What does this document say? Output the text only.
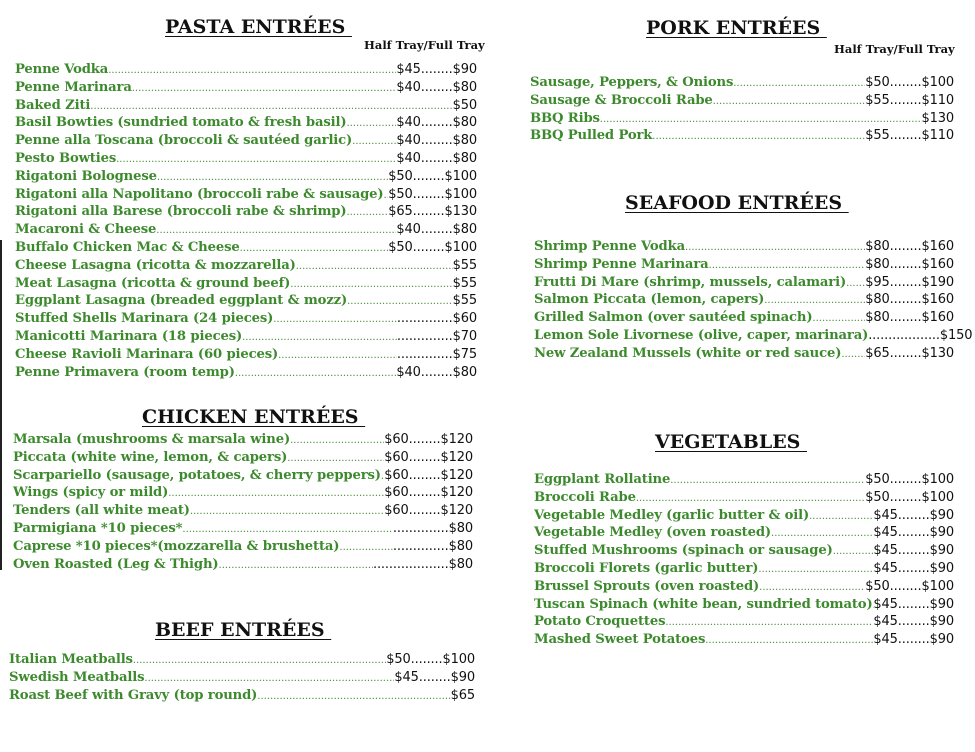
PASTA ENTRÉES
Half Tray/Full Tray
Penne Vodka .....	$45........$90
Penne Marinara .....	$40........$80
Baked Ziti .....	$50
Basil Bowties (sundried tomato & fresh basil) .....	$40........$80
Penne alla Toscana (broccoli & sautéed garlic) .....	$40........$80
Pesto Bowties .....	$40........$80
Rigatoni Bolognese .....	$50........$100
Rigatoni alla Napolitano (broccoli rabe & sausage) ..... $50........$100
Rigatoni alla Barese (broccoli rabe & shrimp) .....	$65........$130
Macaroni & Cheese .....	$40........$80
Buffalo Chicken Mac & Cheese .....	$50........$100
Cheese Lasagna (ricotta & mozzarella) .....	$55
Meat Lasagna (ricotta & ground beef) .....	$55
Eggplant Lasagna (breaded eggplant & mozz) .....	$55
Stuffed Shells Marinara (24 pieces) .....	..............$60
Manicotti Marinara (18 pieces) .....	..............$70
Cheese Ravioli Marinara (60 pieces) .....	..............$75
Penne Primavera (room temp) .....	$40........$80
CHICKEN ENTRÉES
Marsala (mushrooms & marsala wine) .....	$60........$120
Piccata (white wine, lemon, & capers) .....	$60........$120
Scarpariello (sausage, potatoes, & cherry peppers) ..... $60........$120
Wings (spicy or mild) .....	$60........$120
Tenders (all white meat) .....	$60........$120
Parmigiana *10 pieces* .....	..............$80
Caprese *10 pieces*(mozzarella & brushetta) .....	..............$80
Oven Roasted (Leg & Thigh) .....	...................$80
BEEF ENTRÉES
Italian Meatballs .....	$50........$100
Swedish Meatballs .....	$45........$90
Roast Beef with Gravy (top round) .....	$65
PORK ENTRÉES
Half Tray/Full Tray
Sausage, Peppers, & Onions .....	$50........$100
Sausage & Broccoli Rabe .....	$55........$110
BBQ Ribs .....	$130
BBQ Pulled Pork .....	$55........$110
SEAFOOD ENTRÉES
Shrimp Penne Vodka .....	$80........$160
Shrimp Penne Marinara .....	$80........$160
Frutti Di Mare (shrimp, mussels, calamari) ..... $95........$190
Salmon Piccata (lemon, capers) .....	$80........$160
Grilled Salmon (over sautéed spinach) .....	$80........$160
Lemon Sole Livornese (olive, caper, marinara) ..................$150
New Zealand Mussels (white or red sauce) ..... $65........$130
VEGETABLES
Eggplant Rollatine .....	$50........$100
Broccoli Rabe .....	$50........$100
Vegetable Medley (garlic butter & oil) .....	$45........$90
Vegetable Medley (oven roasted) .....	$45........$90
Stuffed Mushrooms (spinach or sausage) .....	$45........$90
Broccoli Florets (garlic butter) .....	$45........$90
Brussel Sprouts (oven roasted) .....	$50........$100
Tuscan Spinach (white bean, sundried tomato) ..... $45........$90
Potato Croquettes .....	$45........$90
Mashed Sweet Potatoes .....	$45........$90
